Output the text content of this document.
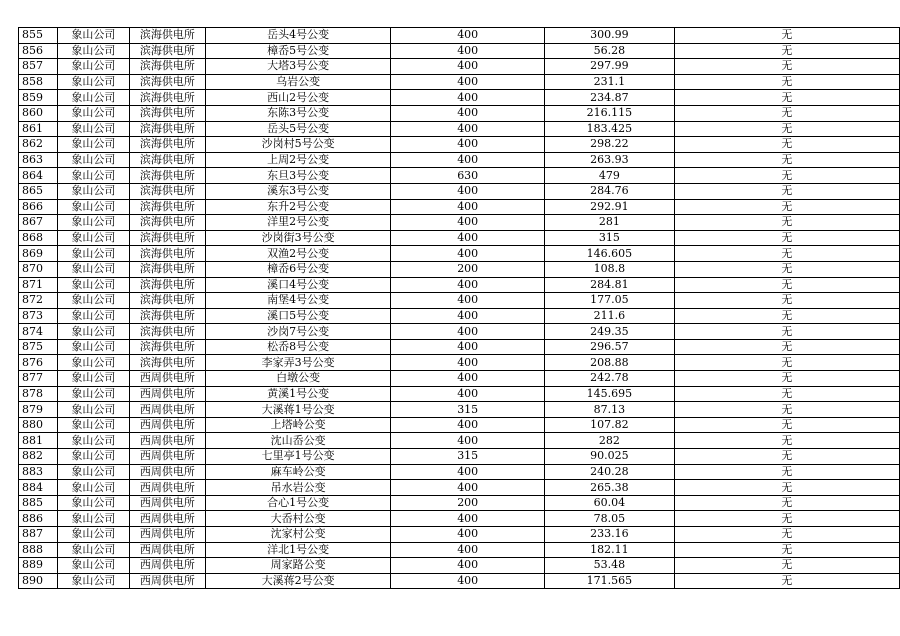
855	象山公司	滨海供电所	岳头4号公变	400	300.99	无
856	象山公司	滨海供电所	樟岙5号公变	400	56.28	无
857	象山公司	滨海供电所	大塔3号公变	400	297.99	无
858	象山公司	滨海供电所	乌岩公变	400	231.1	无
859	象山公司	滨海供电所	西山2号公变	400	234.87	无
860	象山公司	滨海供电所	东陈3号公变	400	216.115	无
861	象山公司	滨海供电所	岳头5号公变	400	183.425	无
862	象山公司	滨海供电所	沙岗村5号公变	400	298.22	无
863	象山公司	滨海供电所	上周2号公变	400	263.93	无
864	象山公司	滨海供电所	东旦3号公变	630	479	无
865	象山公司	滨海供电所	溪东3号公变	400	284.76	无
866	象山公司	滨海供电所	东升2号公变	400	292.91	无
867	象山公司	滨海供电所	洋里2号公变	400	281	无
868	象山公司	滨海供电所	沙岗街3号公变	400	315	无
869	象山公司	滨海供电所	双渔2号公变	400	146.605	无
870	象山公司	滨海供电所	樟岙6号公变	200	108.8	无
871	象山公司	滨海供电所	溪口4号公变	400	284.81	无
872	象山公司	滨海供电所	南堡4号公变	400	177.05	无
873	象山公司	滨海供电所	溪口5号公变	400	211.6	无
874	象山公司	滨海供电所	沙岗7号公变	400	249.35	无
875	象山公司	滨海供电所	松岙8号公变	400	296.57	无
876	象山公司	滨海供电所	李家弄3号公变	400	208.88	无
877	象山公司	西周供电所	白墩公变	400	242.78	无
878	象山公司	西周供电所	黄溪1号公变	400	145.695	无
879	象山公司	西周供电所	大溪蒋1号公变	315	87.13	无
880	象山公司	西周供电所	上塔岭公变	400	107.82	无
881	象山公司	西周供电所	沈山岙公变	400	282	无
882	象山公司	西周供电所	七里亭1号公变	315	90.025	无
883	象山公司	西周供电所	麻车岭公变	400	240.28	无
884	象山公司	西周供电所	吊水岩公变	400	265.38	无
885	象山公司	西周供电所	合心1号公变	200	60.04	无
886	象山公司	西周供电所	大岙村公变	400	78.05	无
887	象山公司	西周供电所	沈家村公变	400	233.16	无
888	象山公司	西周供电所	洋北1号公变	400	182.11	无
889	象山公司	西周供电所	周家路公变	400	53.48	无
890	象山公司	西周供电所	大溪蒋2号公变	400	171.565	无
